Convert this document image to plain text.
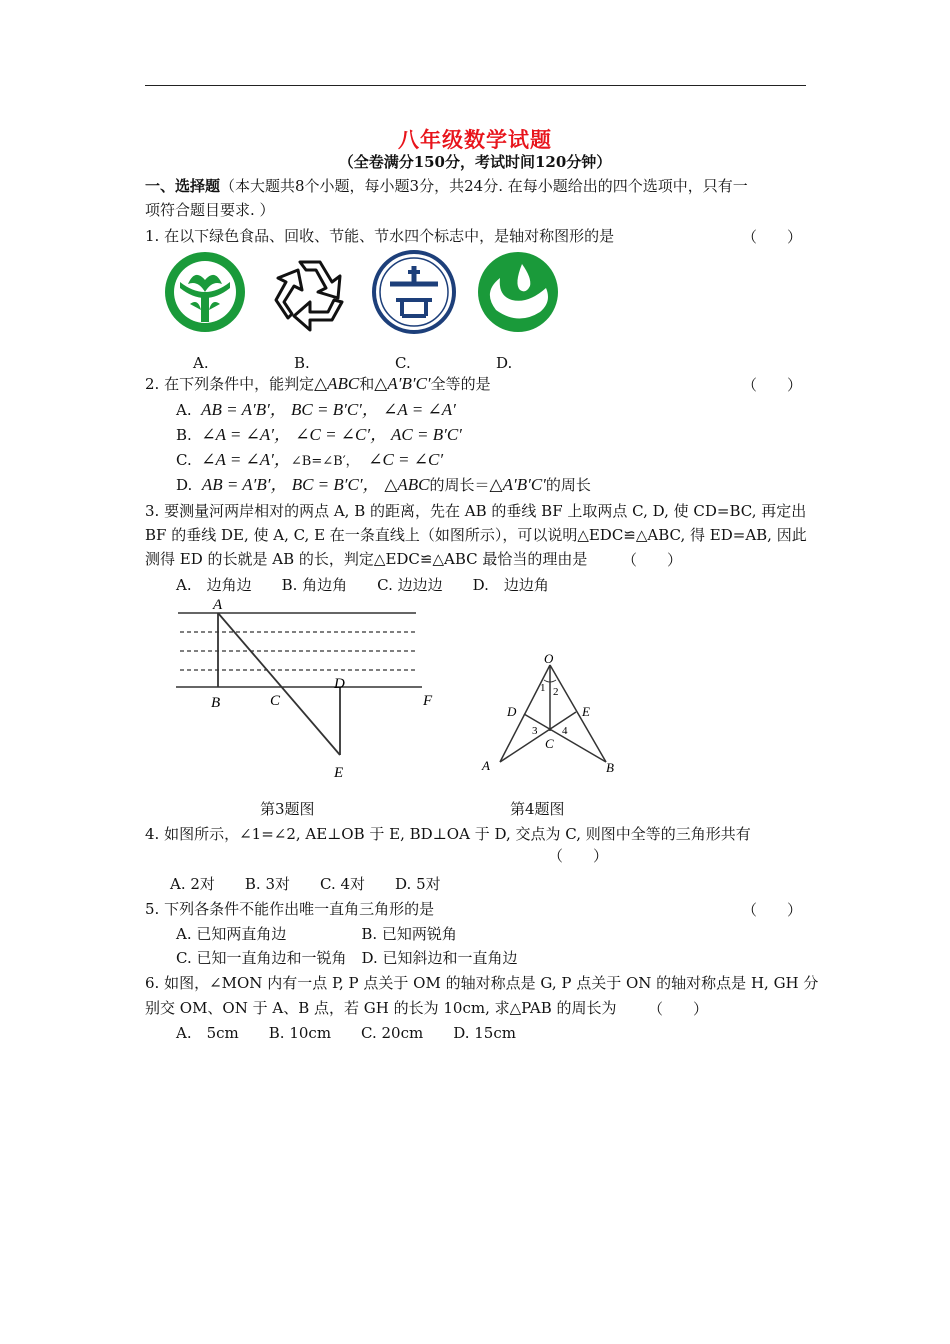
八年级数学试题
（全卷满分150分，考试时间120分钟）
一、选择题（本大题共8个小题，每小题3分，共24分. 在每小题给出的四个选项中，只有一
项符合题目要求. ）
1. 在以下绿色食品、回收、节能、节水四个标志中，是轴对称图形的是	（　　）
A.	B.	C.	D.
2. 在下列条件中，能判定△ABC和△A′B′C′全等的是	（　　）
A. AB = A′B′， BC = B′C′， ∠A = ∠A′
B. ∠A = ∠A′， ∠C = ∠C′， AC = B′C′
C. ∠A = ∠A′，∠B=∠B′， ∠C = ∠C′
D. AB = A′B′， BC = B′C′， △ABC的周长＝△A′B′C′的周长
3. 要测量河两岸相对的两点 A, B 的距离，先在 AB 的垂线 BF 上取两点 C, D, 使 CD=BC, 再定出
BF 的垂线 DE, 使 A, C, E 在一条直线上（如图所示），可以说明△EDC≌△ABC, 得 ED=AB, 因此
测得 ED 的长就是 AB 的长，判定△EDC≌△ABC 最恰当的理由是 （　　）
A.　边角边　　B. 角边角　　C. 边边边　　D.　边边角
A
B	C
D
E
F
O
1 2
D	E
3 4
C
A	B
第3题图	第4题图
4. 如图所示，∠1=∠2, AE⊥OB 于 E, BD⊥OA 于 D, 交点为 C, 则图中全等的三角形共有
（　　）
A. 2对　　B. 3对　　C. 4对　　D. 5对
5. 下列各条件不能作出唯一直角三角形的是	（　　）
A. 已知两直角边　　　　　B. 已知两锐角
C. 已知一直角边和一锐角　D. 已知斜边和一直角边
6. 如图，∠MON 内有一点 P, P 点关于 OM 的轴对称点是 G, P 点关于 ON 的轴对称点是 H, GH 分
别交 OM、ON 于 A、B 点，若 GH 的长为 10cm, 求△PAB 的周长为 （　　）
A.　5cm　　B. 10cm　　C. 20cm　　D. 15cm
